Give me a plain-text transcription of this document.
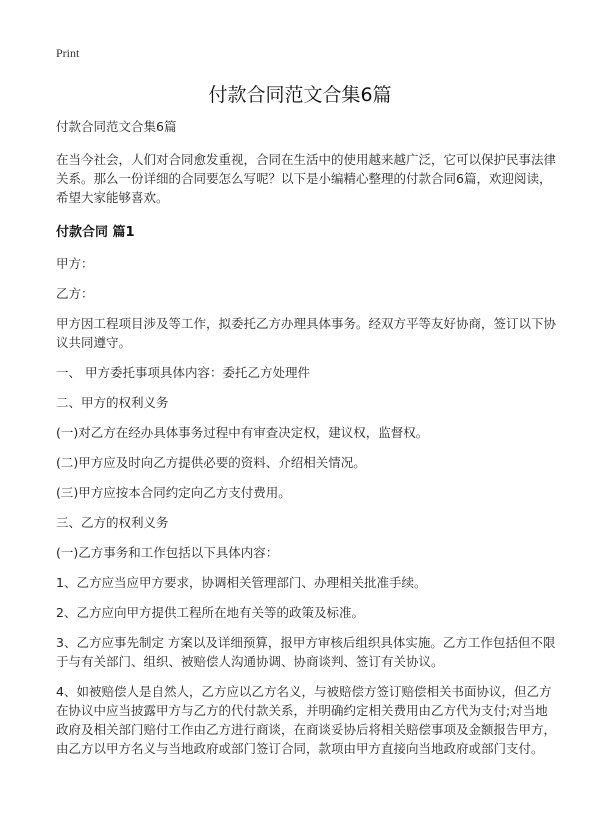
Print
付款合同范文合集6篇

付款合同范文合集6篇

在当今社会，人们对合同愈发重视，合同在生活中的使用越来越广泛，它可以保护民事法律关系。那么一份详细的合同要怎么写呢？以下是小编精心整理的付款合同6篇，欢迎阅读，希望大家能够喜欢。

付款合同 篇1

甲方：

乙方：

甲方因工程项目涉及等工作，拟委托乙方办理具体事务。经双方平等友好协商，签订以下协议共同遵守。

一、 甲方委托事项具体内容：委托乙方处理件

二、甲方的权利义务

(一)对乙方在经办具体事务过程中有审查决定权，建议权，监督权。

(二)甲方应及时向乙方提供必要的资料、介绍相关情况。

(三)甲方应按本合同约定向乙方支付费用。

三、乙方的权利义务

(一)乙方事务和工作包括以下具体内容：

1、乙方应当应甲方要求，协调相关管理部门、办理相关批准手续。

2、乙方应向甲方提供工程所在地有关等的政策及标准。

3、乙方应事先制定 方案以及详细预算，报甲方审核后组织具体实施。乙方工作包括但不限于与有关部门、组织、被赔偿人沟通协调、协商谈判、签订有关协议。

4、如被赔偿人是自然人，乙方应以乙方名义，与被赔偿方签订赔偿相关书面协议，但乙方在协议中应当披露甲方与乙方的代付款关系，并明确约定相关费用由乙方代为支付;对当地政府及相关部门赔付工作由乙方进行商谈，在商谈妥协后将相关赔偿事项及金额报告甲方，由乙方以甲方名义与当地政府或部门签订合同，款项由甲方直接向当地政府或部门支付。
